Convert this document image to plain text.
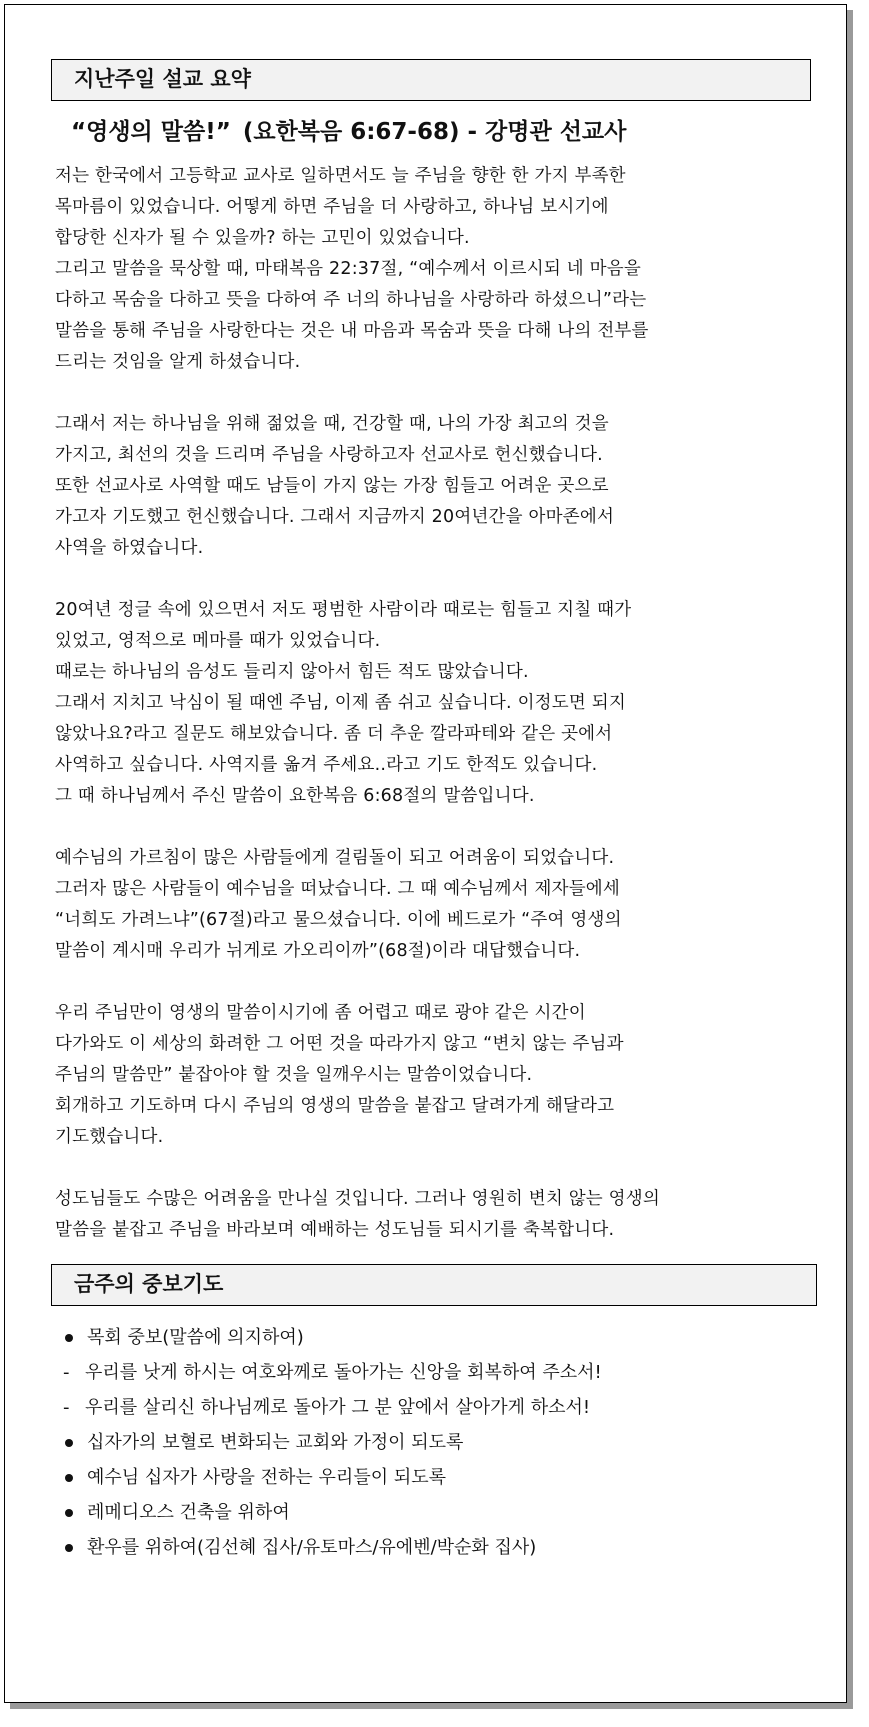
지난주일 설교 요약
“영생의 말씀!” (요한복음 6:67-68) - 강명관 선교사
저는 한국에서 고등학교 교사로 일하면서도 늘 주님을 향한 한 가지 부족한
목마름이 있었습니다. 어떻게 하면 주님을 더 사랑하고, 하나님 보시기에
합당한 신자가 될 수 있을까? 하는 고민이 있었습니다.
그리고 말씀을 묵상할 때, 마태복음 22:37절, “예수께서 이르시되 네 마음을
다하고 목숨을 다하고 뜻을 다하여 주 너의 하나님을 사랑하라 하셨으니”라는
말씀을 통해 주님을 사랑한다는 것은 내 마음과 목숨과 뜻을 다해 나의 전부를
드리는 것임을 알게 하셨습니다.
그래서 저는 하나님을 위해 젊었을 때, 건강할 때, 나의 가장 최고의 것을
가지고, 최선의 것을 드리며 주님을 사랑하고자 선교사로 헌신했습니다.
또한 선교사로 사역할 때도 남들이 가지 않는 가장 힘들고 어려운 곳으로
가고자 기도했고 헌신했습니다. 그래서 지금까지 20여년간을 아마존에서
사역을 하였습니다.
20여년 정글 속에 있으면서 저도 평범한 사람이라 때로는 힘들고 지칠 때가
있었고, 영적으로 메마를 때가 있었습니다.
때로는 하나님의 음성도 들리지 않아서 힘든 적도 많았습니다.
그래서 지치고 낙심이 될 때엔 주님, 이제 좀 쉬고 싶습니다. 이정도면 되지
않았나요?라고 질문도 해보았습니다. 좀 더 추운 깔라파테와 같은 곳에서
사역하고 싶습니다. 사역지를 옮겨 주세요..라고 기도 한적도 있습니다.
그 때 하나님께서 주신 말씀이 요한복음 6:68절의 말씀입니다.
예수님의 가르침이 많은 사람들에게 걸림돌이 되고 어려움이 되었습니다.
그러자 많은 사람들이 예수님을 떠났습니다. 그 때 예수님께서 제자들에세
“너희도 가려느냐”(67절)라고 물으셨습니다. 이에 베드로가 “주여 영생의
말씀이 계시매 우리가 뉘게로 가오리이까”(68절)이라 대답했습니다.
우리 주님만이 영생의 말씀이시기에 좀 어렵고 때로 광야 같은 시간이
다가와도 이 세상의 화려한 그 어떤 것을 따라가지 않고 “변치 않는 주님과
주님의 말씀만” 붙잡아야 할 것을 일깨우시는 말씀이었습니다.
회개하고 기도하며 다시 주님의 영생의 말씀을 붙잡고 달려가게 해달라고
기도했습니다.
성도님들도 수많은 어려움을 만나실 것입니다. 그러나 영원히 변치 않는 영생의
말씀을 붙잡고 주님을 바라보며 예배하는 성도님들 되시기를 축복합니다.
금주의 중보기도
목회 중보(말씀에 의지하여)
- 우리를 낫게 하시는 여호와께로 돌아가는 신앙을 회복하여 주소서!
- 우리를 살리신 하나님께로 돌아가 그 분 앞에서 살아가게 하소서!
십자가의 보혈로 변화되는 교회와 가정이 되도록
예수님 십자가 사랑을 전하는 우리들이 되도록
레메디오스 건축을 위하여
환우를 위하여(김선혜 집사/유토마스/유에벤/박순화 집사)
